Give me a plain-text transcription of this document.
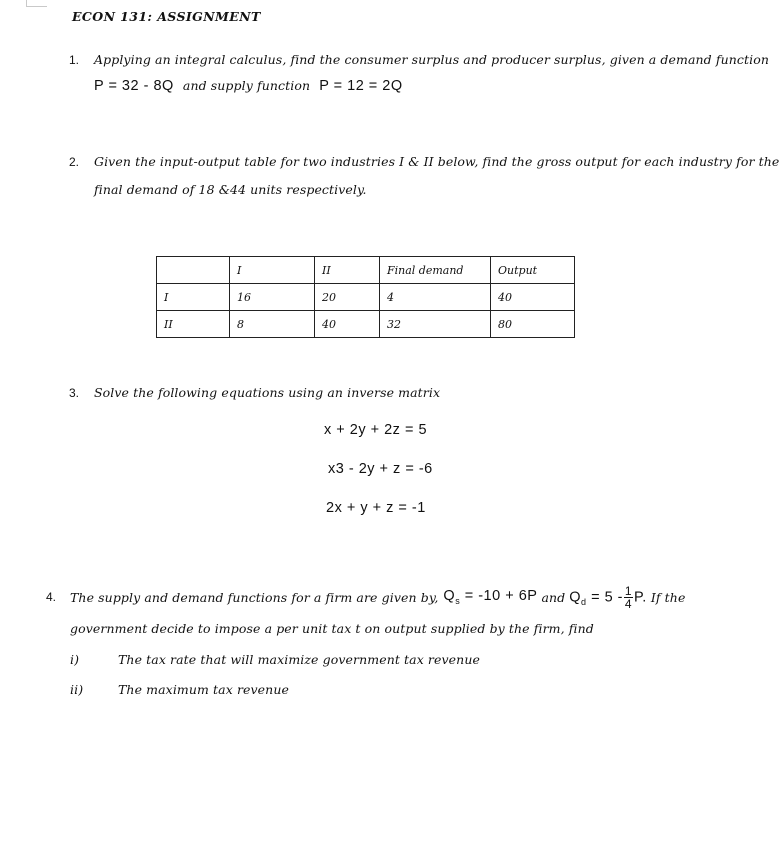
ECON 131: ASSIGNMENT
1. Applying an integral calculus, find the consumer surplus and producer surplus, given a demand function
P = 32 - 8Q and supply function P = 12 = 2Q
2. Given the input-output table for two industries I & II below, find the gross output for each industry for the
final demand of 18 &44 units respectively.
	I	II	Final demand	Output
I	16	20	4	40
II	8	40	32	80
3. Solve the following equations using an inverse matrix
x + 2y + 2z = 5
x3 - 2y + z = -6
2x + y + z = -1
4. The supply and demand functions for a firm are given by, $Q_s = -10 + 6P$ and $Q_d = 5 - \frac{1}{4} P$. If the
government decide to impose a per unit tax t on output supplied by the firm, find
i)	The tax rate that will maximize government tax revenue
ii)	The maximum tax revenue
